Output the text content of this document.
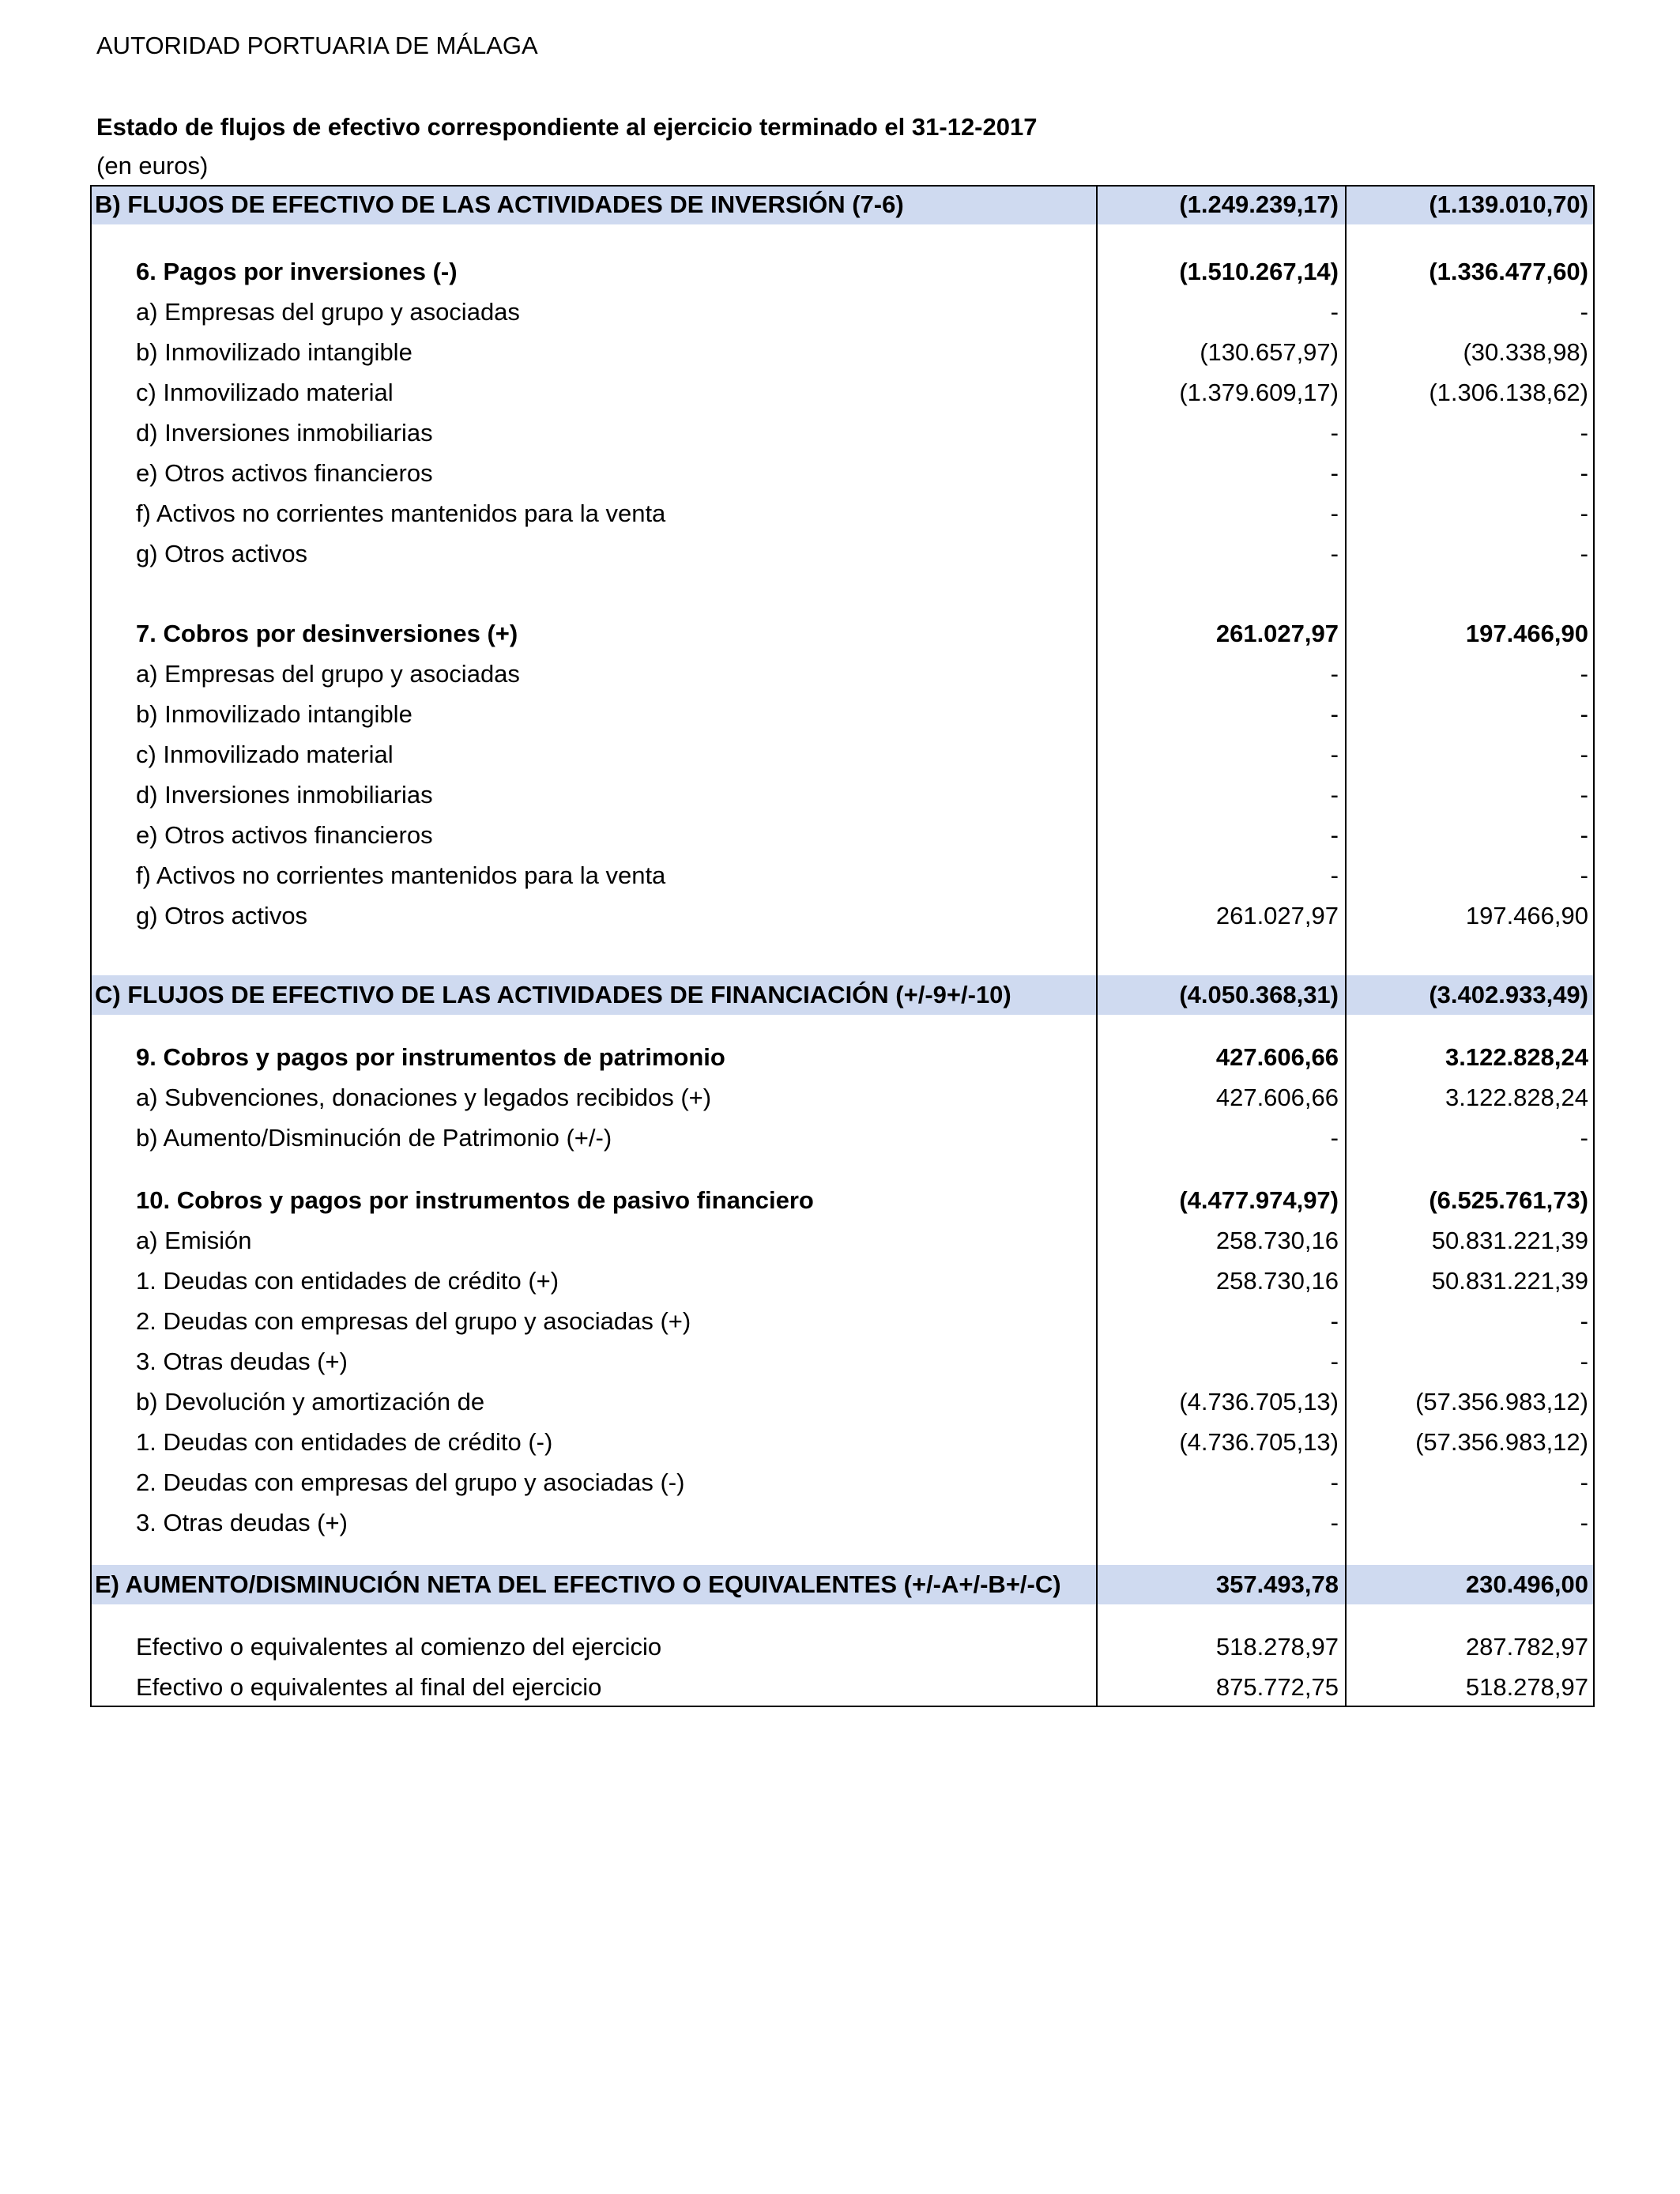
AUTORIDAD PORTUARIA DE MÁLAGA
Estado de flujos de efectivo correspondiente al ejercicio terminado el 31-12-2017
(en euros)
B) FLUJOS DE EFECTIVO DE LAS ACTIVIDADES DE INVERSIÓN (7-6)	(1.249.239,17)	(1.139.010,70)
6. Pagos por inversiones (-)	(1.510.267,14)	(1.336.477,60)
a) Empresas del grupo y asociadas	-	-
b) Inmovilizado intangible	(130.657,97)	(30.338,98)
c) Inmovilizado material	(1.379.609,17)	(1.306.138,62)
d) Inversiones inmobiliarias	-	-
e) Otros activos financieros	-	-
f) Activos no corrientes mantenidos para la venta	-	-
g) Otros activos	-	-
7. Cobros por desinversiones (+)	261.027,97	197.466,90
a) Empresas del grupo y asociadas	-	-
b) Inmovilizado intangible	-	-
c) Inmovilizado material	-	-
d) Inversiones inmobiliarias	-	-
e) Otros activos financieros	-	-
f) Activos no corrientes mantenidos para la venta	-	-
g) Otros activos	261.027,97	197.466,90
C) FLUJOS DE EFECTIVO DE LAS ACTIVIDADES DE FINANCIACIÓN (+/-9+/-10)	(4.050.368,31)	(3.402.933,49)
9. Cobros y pagos por instrumentos de patrimonio	427.606,66	3.122.828,24
a) Subvenciones, donaciones y legados recibidos (+)	427.606,66	3.122.828,24
b) Aumento/Disminución de Patrimonio (+/-)	-	-
10. Cobros y pagos por instrumentos de pasivo financiero	(4.477.974,97)	(6.525.761,73)
a) Emisión	258.730,16	50.831.221,39
1. Deudas con entidades de crédito (+)	258.730,16	50.831.221,39
2. Deudas con empresas del grupo y asociadas (+)	-	-
3. Otras deudas (+)	-	-
b) Devolución y amortización de	(4.736.705,13)	(57.356.983,12)
1. Deudas con entidades de crédito (-)	(4.736.705,13)	(57.356.983,12)
2. Deudas con empresas del grupo y asociadas (-)	-	-
3. Otras deudas (+)	-	-
E) AUMENTO/DISMINUCIÓN NETA DEL EFECTIVO O EQUIVALENTES (+/-A+/-B+/-C)	357.493,78	230.496,00
Efectivo o equivalentes al comienzo del ejercicio	518.278,97	287.782,97
Efectivo o equivalentes al final del ejercicio	875.772,75	518.278,97
